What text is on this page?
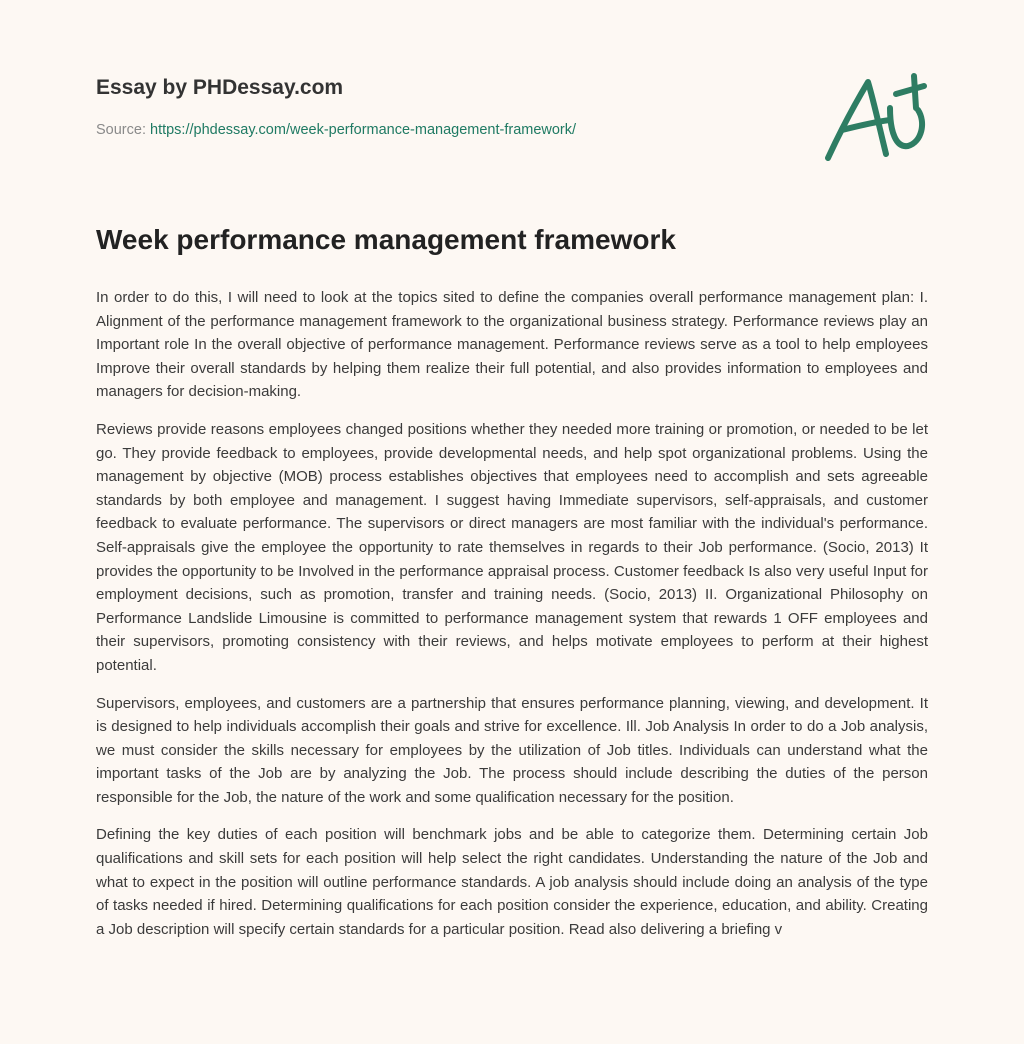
Essay by PHDessay.com

Source: https://phdessay.com/week-performance-management-framework/
Week performance management framework

In order to do this, I will need to look at the topics sited to define the companies overall performance management plan: I. Alignment of the performance management framework to the organizational business strategy. Performance reviews play an Important role In the overall objective of performance management. Performance reviews serve as a tool to help employees Improve their overall standards by helping them realize their full potential, and also provides information to employees and managers for decision-making.

Reviews provide reasons employees changed positions whether they needed more training or promotion, or needed to be let go. They provide feedback to employees, provide developmental needs, and help spot organizational problems. Using the management by objective (MOB) process establishes objectives that employees need to accomplish and sets agreeable standards by both employee and management. I suggest having Immediate supervisors, self-appraisals, and customer feedback to evaluate performance. The supervisors or direct managers are most familiar with the individual's performance. Self-appraisals give the employee the opportunity to rate themselves in regards to their Job performance. (Socio, 2013) It provides the opportunity to be Involved in the performance appraisal process. Customer feedback Is also very useful Input for employment decisions, such as promotion, transfer and training needs. (Socio, 2013) II. Organizational Philosophy on Performance Landslide Limousine is committed to performance management system that rewards 1 OFF employees and their supervisors, promoting consistency with their reviews, and helps motivate employees to perform at their highest potential.

Supervisors, employees, and customers are a partnership that ensures performance planning, viewing, and development. It is designed to help individuals accomplish their goals and strive for excellence. Ill. Job Analysis In order to do a Job analysis, we must consider the skills necessary for employees by the utilization of Job titles. Individuals can understand what the important tasks of the Job are by analyzing the Job. The process should include describing the duties of the person responsible for the Job, the nature of the work and some qualification necessary for the position.

Defining the key duties of each position will benchmark jobs and be able to categorize them. Determining certain Job qualifications and skill sets for each position will help select the right candidates. Understanding the nature of the Job and what to expect in the position will outline performance standards. A job analysis should include doing an analysis of the type of tasks needed if hired. Determining qualifications for each position consider the experience, education, and ability. Creating a Job description will specify certain standards for a particular position. Read also delivering a briefing v
